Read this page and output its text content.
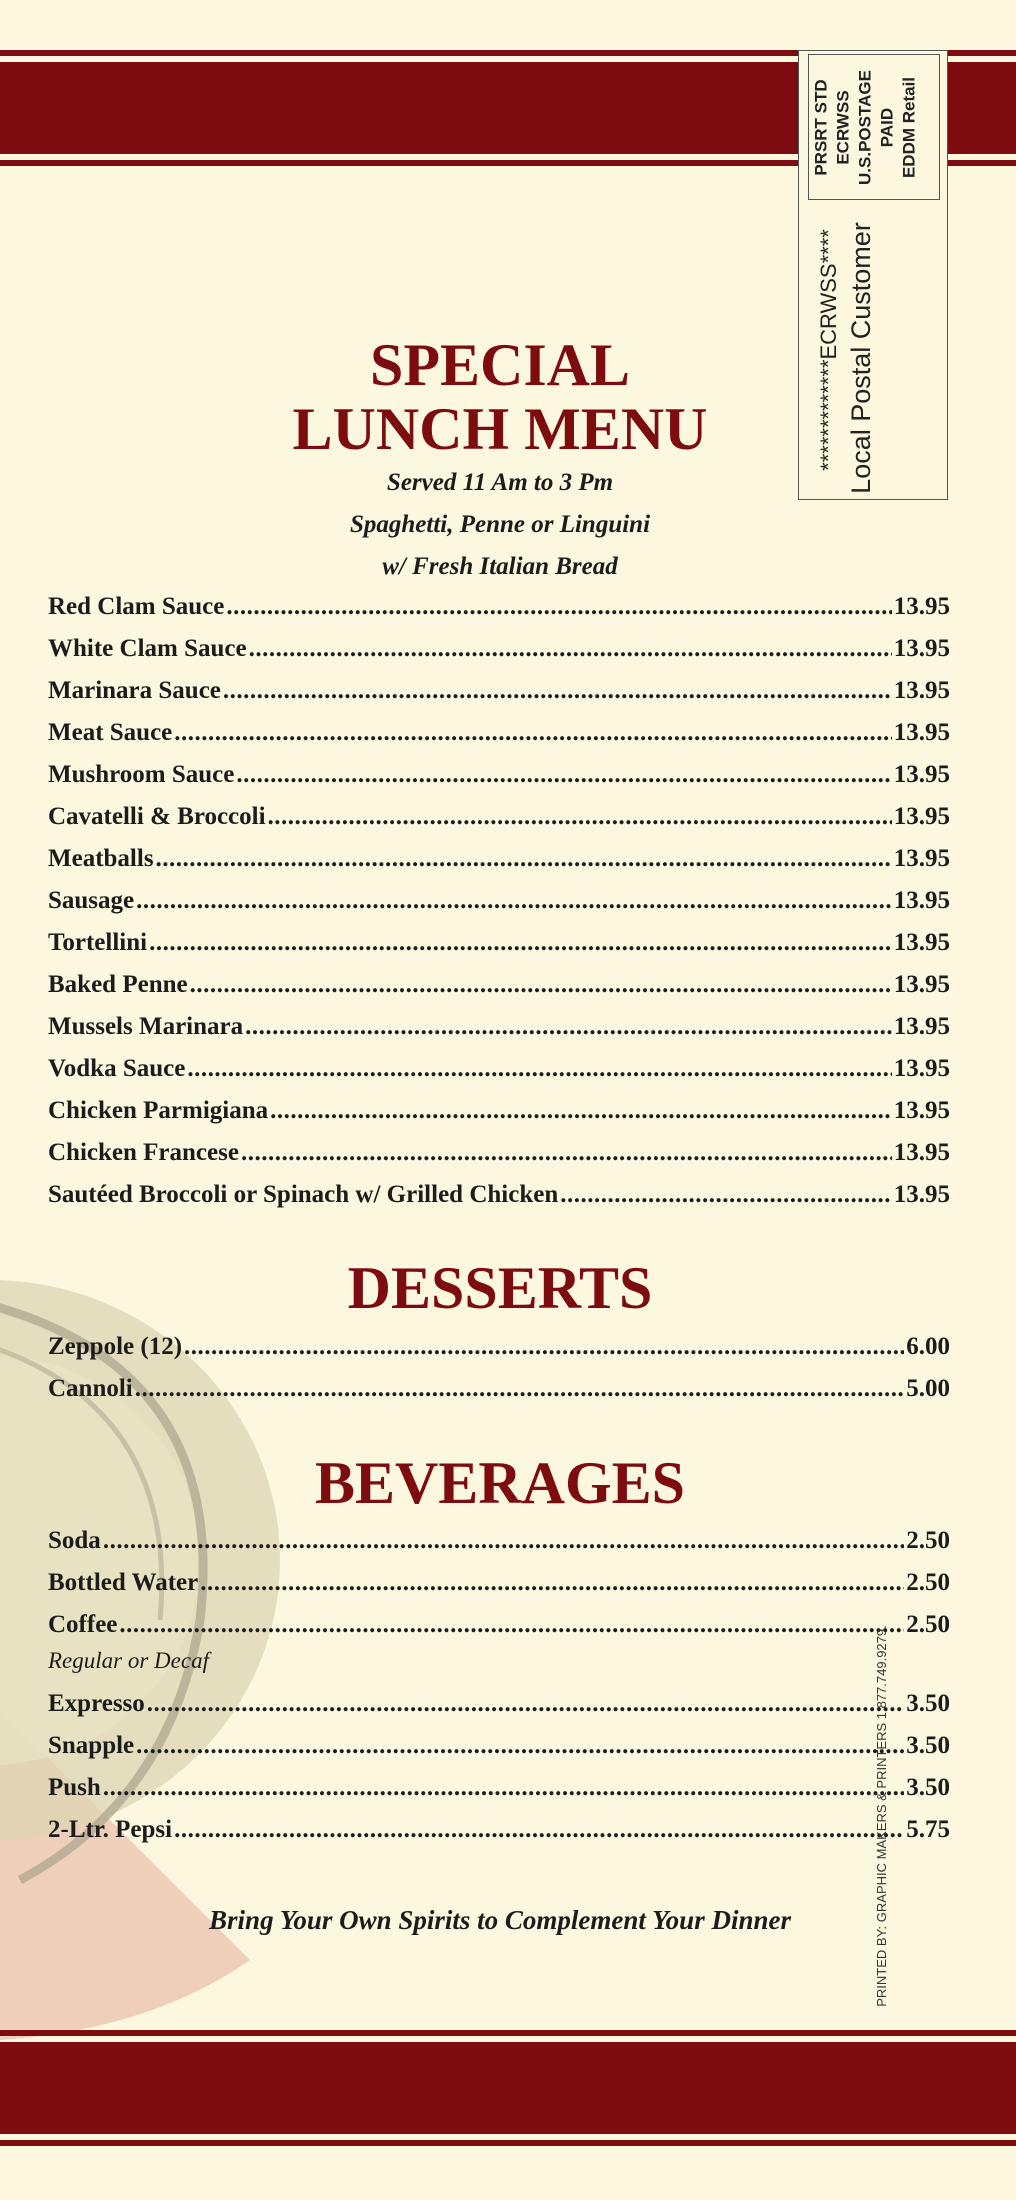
PRSRT STD ECRWSS U.S.POSTAGE PAID EDDM Retail
*************ECRWSS**** Local Postal Customer
SPECIAL
LUNCH MENU
Served 11 Am to 3 Pm
Spaghetti, Penne or Linguini
w/ Fresh Italian Bread
Red Clam Sauce .....	13.95
White Clam Sauce .....	13.95
Marinara Sauce .....	13.95
Meat Sauce .....	13.95
Mushroom Sauce .....	13.95
Cavatelli & Broccoli .....	13.95
Meatballs .....	13.95
Sausage .....	13.95
Tortellini .....	13.95
Baked Penne .....	13.95
Mussels Marinara .....	13.95
Vodka Sauce .....	13.95
Chicken Parmigiana .....	13.95
Chicken Francese .....	13.95
Sautéed Broccoli or Spinach w/ Grilled Chicken .....	13.95
DESSERTS
Zeppole (12) .....	6.00
Cannoli .....	5.00
BEVERAGES
Soda .....	2.50
Bottled Water .....	2.50
Coffee .....	2.50
Regular or Decaf
Expresso .....	3.50
Snapple .....	3.50
Push .....	3.50
2-Ltr. Pepsi .....	5.75
Bring Your Own Spirits to Complement Your Dinner	PRINTED BY: GRAPHIC MAKERS & PRINTERS 1.877.749.9279.
